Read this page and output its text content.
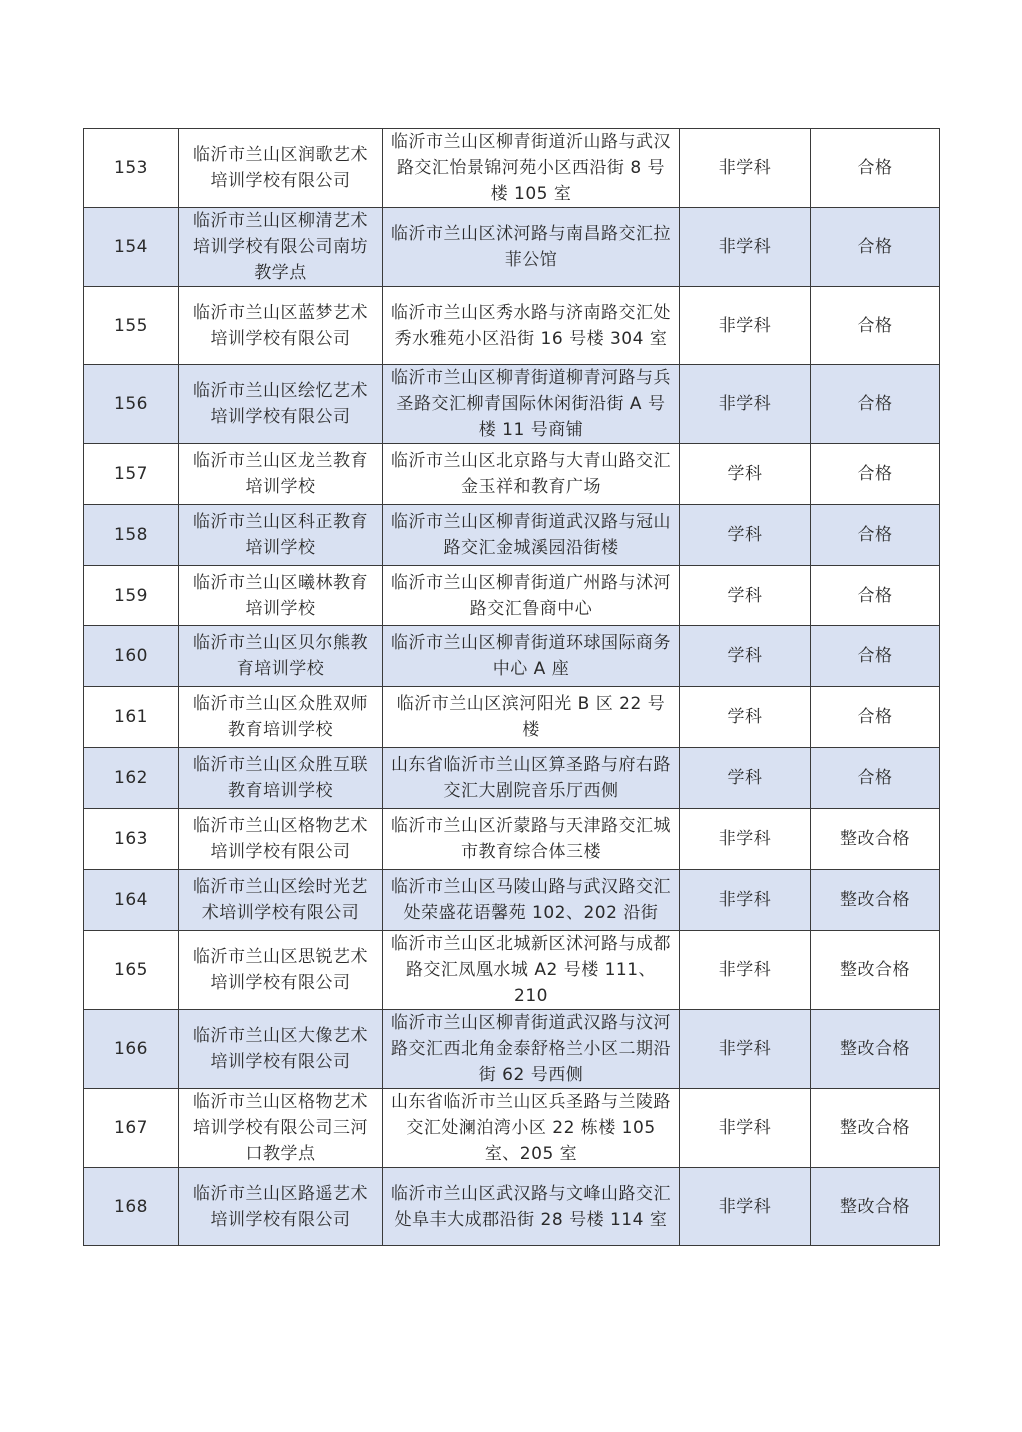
153	临沂市兰山区润歌艺术培训学校有限公司	临沂市兰山区柳青街道沂山路与武汉路交汇怡景锦河苑小区西沿街 8 号楼 105 室	非学科	合格
154	临沂市兰山区柳清艺术培训学校有限公司南坊教学点	临沂市兰山区沭河路与南昌路交汇拉菲公馆	非学科	合格
155	临沂市兰山区蓝梦艺术培训学校有限公司	临沂市兰山区秀水路与济南路交汇处秀水雅苑小区沿街 16 号楼 304 室	非学科	合格
156	临沂市兰山区绘忆艺术培训学校有限公司	临沂市兰山区柳青街道柳青河路与兵圣路交汇柳青国际休闲街沿街 A 号楼 11 号商铺	非学科	合格
157	临沂市兰山区龙兰教育培训学校	临沂市兰山区北京路与大青山路交汇金玉祥和教育广场	学科	合格
158	临沂市兰山区科正教育培训学校	临沂市兰山区柳青街道武汉路与冠山路交汇金城溪园沿街楼	学科	合格
159	临沂市兰山区曦林教育培训学校	临沂市兰山区柳青街道广州路与沭河路交汇鲁商中心	学科	合格
160	临沂市兰山区贝尔熊教育培训学校	临沂市兰山区柳青街道环球国际商务中心 A 座	学科	合格
161	临沂市兰山区众胜双师教育培训学校	临沂市兰山区滨河阳光 B 区 22 号楼	学科	合格
162	临沂市兰山区众胜互联教育培训学校	山东省临沂市兰山区算圣路与府右路交汇大剧院音乐厅西侧	学科	合格
163	临沂市兰山区格物艺术培训学校有限公司	临沂市兰山区沂蒙路与天津路交汇城市教育综合体三楼	非学科	整改合格
164	临沂市兰山区绘时光艺术培训学校有限公司	临沂市兰山区马陵山路与武汉路交汇处荣盛花语馨苑 102、202 沿街	非学科	整改合格
165	临沂市兰山区思锐艺术培训学校有限公司	临沂市兰山区北城新区沭河路与成都路交汇凤凰水城 A2 号楼 111、210	非学科	整改合格
166	临沂市兰山区大像艺术培训学校有限公司	临沂市兰山区柳青街道武汉路与汶河路交汇西北角金泰舒格兰小区二期沿街 62 号西侧	非学科	整改合格
167	临沂市兰山区格物艺术培训学校有限公司三河口教学点	山东省临沂市兰山区兵圣路与兰陵路交汇处澜泊湾小区 22 栋楼 105 室、205 室	非学科	整改合格
168	临沂市兰山区路遥艺术培训学校有限公司	临沂市兰山区武汉路与文峰山路交汇处阜丰大成郡沿街 28 号楼 114 室	非学科	整改合格
